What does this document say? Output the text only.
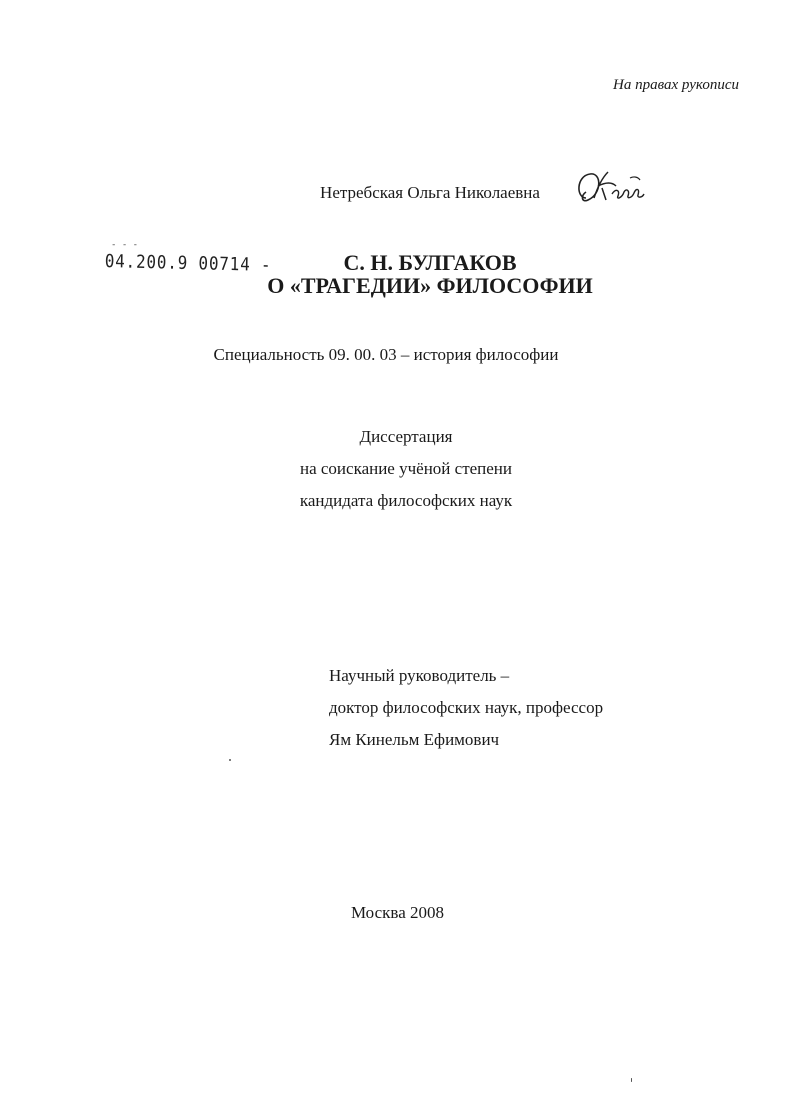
На правах рукописи
Нетребская Ольга Николаевна
- - -
04.200.9 00714 -	С. Н. БУЛГАКОВ
О «ТРАГЕДИИ» ФИЛОСОФИИ
Специальность 09. 00. 03 – история философии
Диссертация
на соискание учёной степени
кандидата философских наук
Научный руководитель –
доктор философских наук, профессор
Ям Кинельм Ефимович
Москва 2008
